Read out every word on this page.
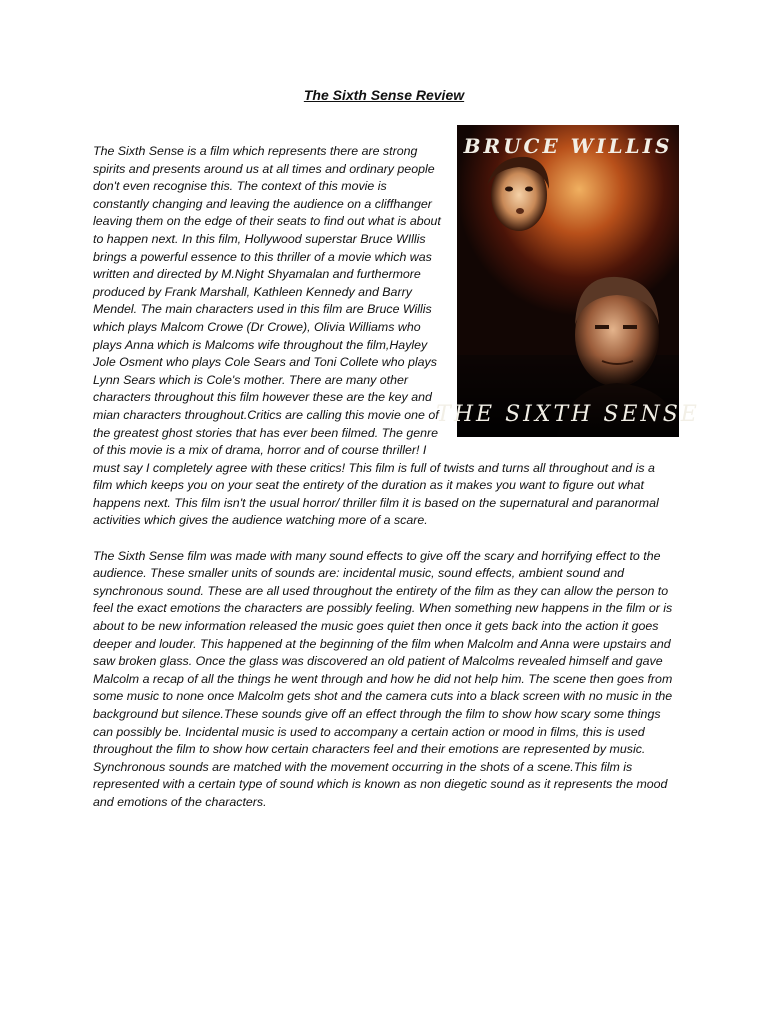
The Sixth Sense Review
BRUCE WILLIS
THE SIXTH SENSE

The Sixth Sense is a film which represents there are strong spirits and presents around us at all times and ordinary people don't even recognise this. The context of this movie is constantly changing and leaving the audience on a cliffhanger leaving them on the edge of their seats to find out what is about to happen next. In this film, Hollywood superstar Bruce WIllis brings a powerful essence to this thriller of a movie which was written and directed by M.Night Shyamalan and furthermore produced by Frank Marshall, Kathleen Kennedy and Barry Mendel. The main characters used in this film are Bruce Willis which plays Malcom Crowe (Dr Crowe), Olivia Williams who plays Anna which is Malcoms wife throughout the film,Hayley Jole Osment who plays Cole Sears and Toni Collete who plays Lynn Sears which is Cole's mother. There are many other characters throughout this film however these are the key and mian characters throughout.Critics are calling this movie one of the greatest ghost stories that has ever been filmed. The genre of this movie is a mix of drama, horror and of course thriller! I must say I completely agree with these critics! This film is full of twists and turns all throughout and is a film which keeps you on your seat the entirety of the duration as it makes you want to figure out what happens next. This film isn't the usual horror/ thriller film it is based on the supernatural and paranormal activities which gives the audience watching more of a scare.

The Sixth Sense film was made with many sound effects to give off the scary and horrifying effect to the audience. These smaller units of sounds are: incidental music, sound effects, ambient sound and synchronous sound. These are all used throughout the entirety of the film as they can allow the person to feel the exact emotions the characters are possibly feeling. When something new happens in the film or is about to be new information released the music goes quiet then once it gets back into the action it goes deeper and louder. This happened at the beginning of the film when Malcolm and Anna were upstairs and saw broken glass. Once the glass was discovered an old patient of Malcolms revealed himself and gave Malcolm a recap of all the things he went through and how he did not help him. The scene then goes from some music to none once Malcolm gets shot and the camera cuts into a black screen with no music in the background but silence.These sounds give off an effect through the film to show how scary some things can possibly be. Incidental music is used to accompany a certain action or mood in films, this is used throughout the film to show how certain characters feel and their emotions are represented by music. Synchronous sounds are matched with the movement occurring in the shots of a scene.This film is represented with a certain type of sound which is known as non diegetic sound as it represents the mood and emotions of the characters.
